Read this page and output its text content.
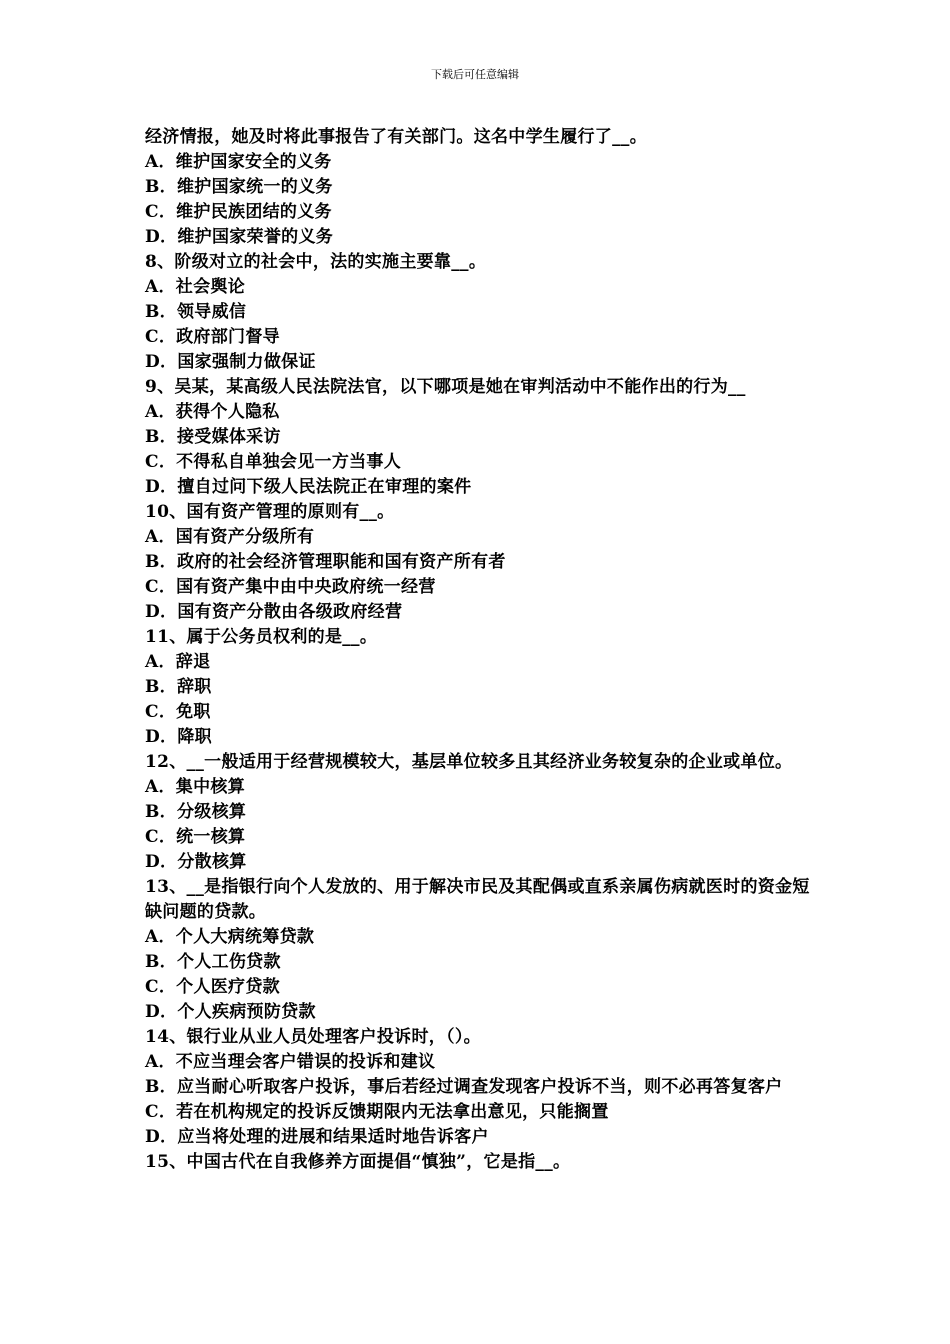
下载后可任意编辑
经济情报，她及时将此事报告了有关部门。这名中学生履行了__。
A．维护国家安全的义务
B．维护国家统一的义务
C．维护民族团结的义务
D．维护国家荣誉的义务
8、阶级对立的社会中，法的实施主要靠__。
A．社会舆论
B．领导威信
C．政府部门督导
D．国家强制力做保证
9、吴某，某高级人民法院法官，以下哪项是她在审判活动中不能作出的行为__
A．获得个人隐私
B．接受媒体采访
C．不得私自单独会见一方当事人
D．擅自过问下级人民法院正在审理的案件
10、国有资产管理的原则有__。
A．国有资产分级所有
B．政府的社会经济管理职能和国有资产所有者
C．国有资产集中由中央政府统一经营
D．国有资产分散由各级政府经营
11、属于公务员权利的是__。
A．辞退
B．辞职
C．免职
D．降职
12、__一般适用于经营规模较大，基层单位较多且其经济业务较复杂的企业或单位。
A．集中核算
B．分级核算
C．统一核算
D．分散核算
13、__是指银行向个人发放的、用于解决市民及其配偶或直系亲属伤病就医时的资金短缺问题的贷款。
A．个人大病统筹贷款
B．个人工伤贷款
C．个人医疗贷款
D．个人疾病预防贷款
14、银行业从业人员处理客户投诉时，（）。
A．不应当理会客户错误的投诉和建议
B．应当耐心听取客户投诉，事后若经过调查发现客户投诉不当，则不必再答复客户
C．若在机构规定的投诉反馈期限内无法拿出意见，只能搁置
D．应当将处理的进展和结果适时地告诉客户
15、中国古代在自我修养方面提倡“慎独”，它是指__。
